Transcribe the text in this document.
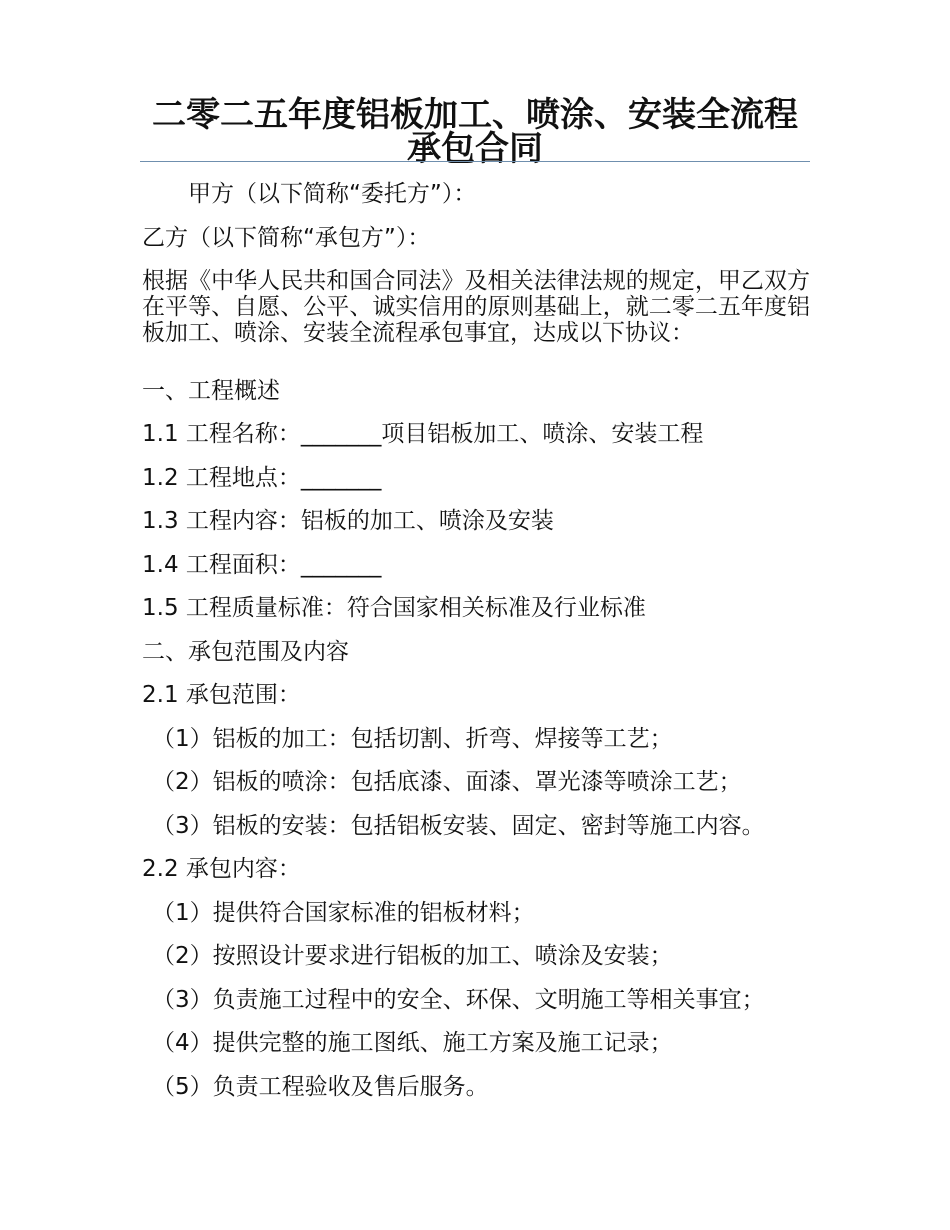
二零二五年度铝板加工、喷涂、安装全流程承包合同
甲方（以下简称“委托方”）：
乙方（以下简称“承包方”）：
根据《中华人民共和国合同法》及相关法律法规的规定，甲乙双方在平等、自愿、公平、诚实信用的原则基础上，就二零二五年度铝板加工、喷涂、安装全流程承包事宜，达成以下协议：
一、工程概述
1.1 工程名称：_______项目铝板加工、喷涂、安装工程
1.2 工程地点：_______
1.3 工程内容：铝板的加工、喷涂及安装
1.4 工程面积：_______
1.5 工程质量标准：符合国家相关标准及行业标准
二、承包范围及内容
2.1 承包范围：
（1）铝板的加工：包括切割、折弯、焊接等工艺；
（2）铝板的喷涂：包括底漆、面漆、罩光漆等喷涂工艺；
（3）铝板的安装：包括铝板安装、固定、密封等施工内容。
2.2 承包内容：
（1）提供符合国家标准的铝板材料；
（2）按照设计要求进行铝板的加工、喷涂及安装；
（3）负责施工过程中的安全、环保、文明施工等相关事宜；
（4）提供完整的施工图纸、施工方案及施工记录；
（5）负责工程验收及售后服务。
